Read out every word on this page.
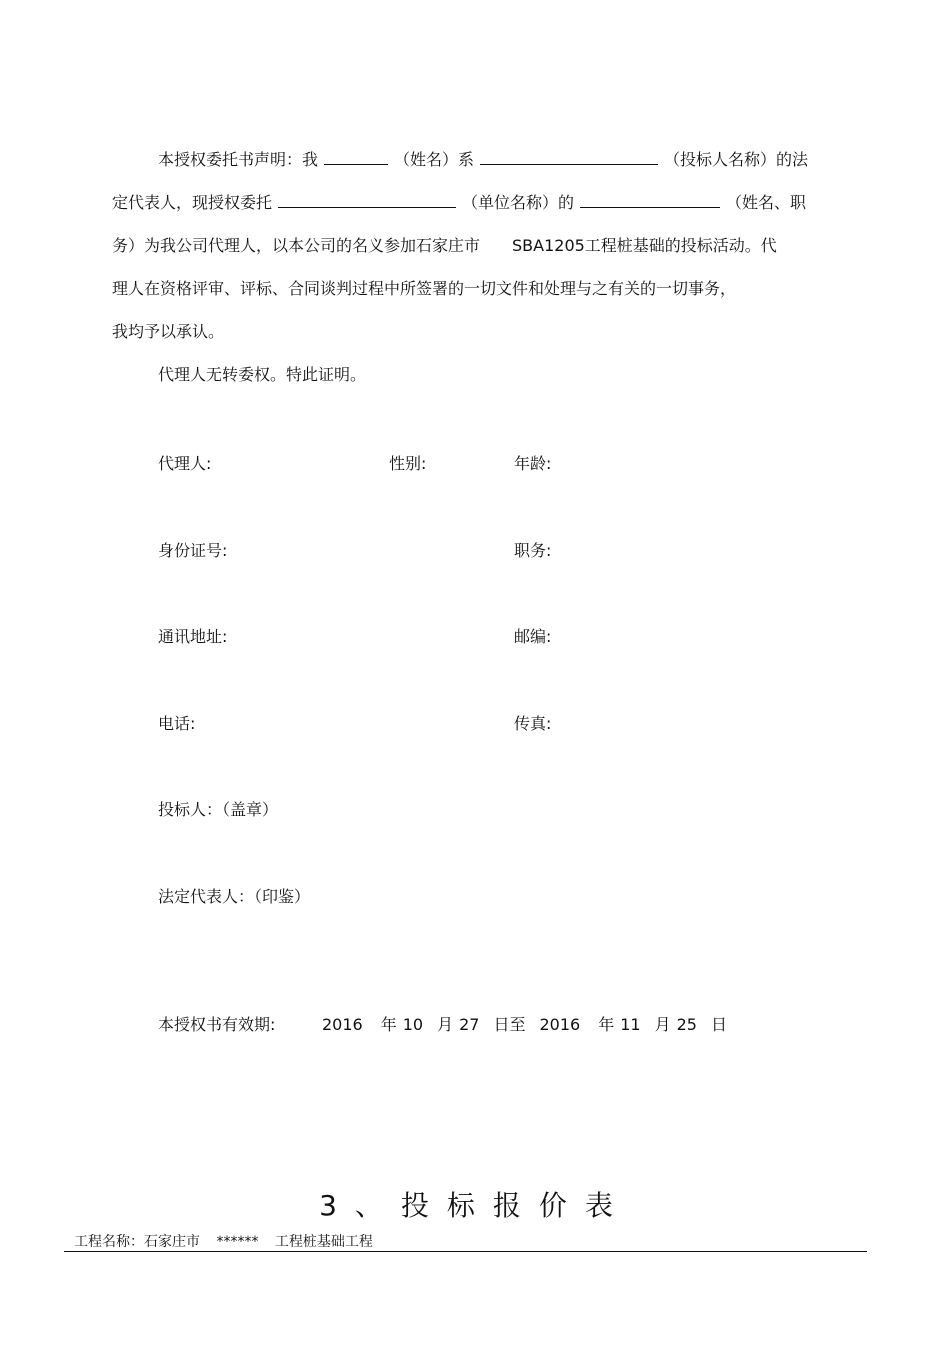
本授权委托书声明：我	（姓名）系	（投标人名称）的法
定代表人，现授权委托	（单位名称）的	（姓名、职
务）为我公司代理人，以本公司的名义参加石家庄市　　SBA1205工程桩基础的投标活动。代
理人在资格评审、评标、合同谈判过程中所签署的一切文件和处理与之有关的一切事务，
我均予以承认。
代理人无转委权。特此证明。
代理人:	性别:	年龄:
身份证号:	职务:
通讯地址:	邮编:
电话:	传真:
投标人：（盖章）
法定代表人：（印鉴）
本授权书有效期:	2016 年 10 月 27 日至 2016 年 11 月 25 日
3、投标报价表
工程名称：石家庄市 ****** 工程桩基础工程
